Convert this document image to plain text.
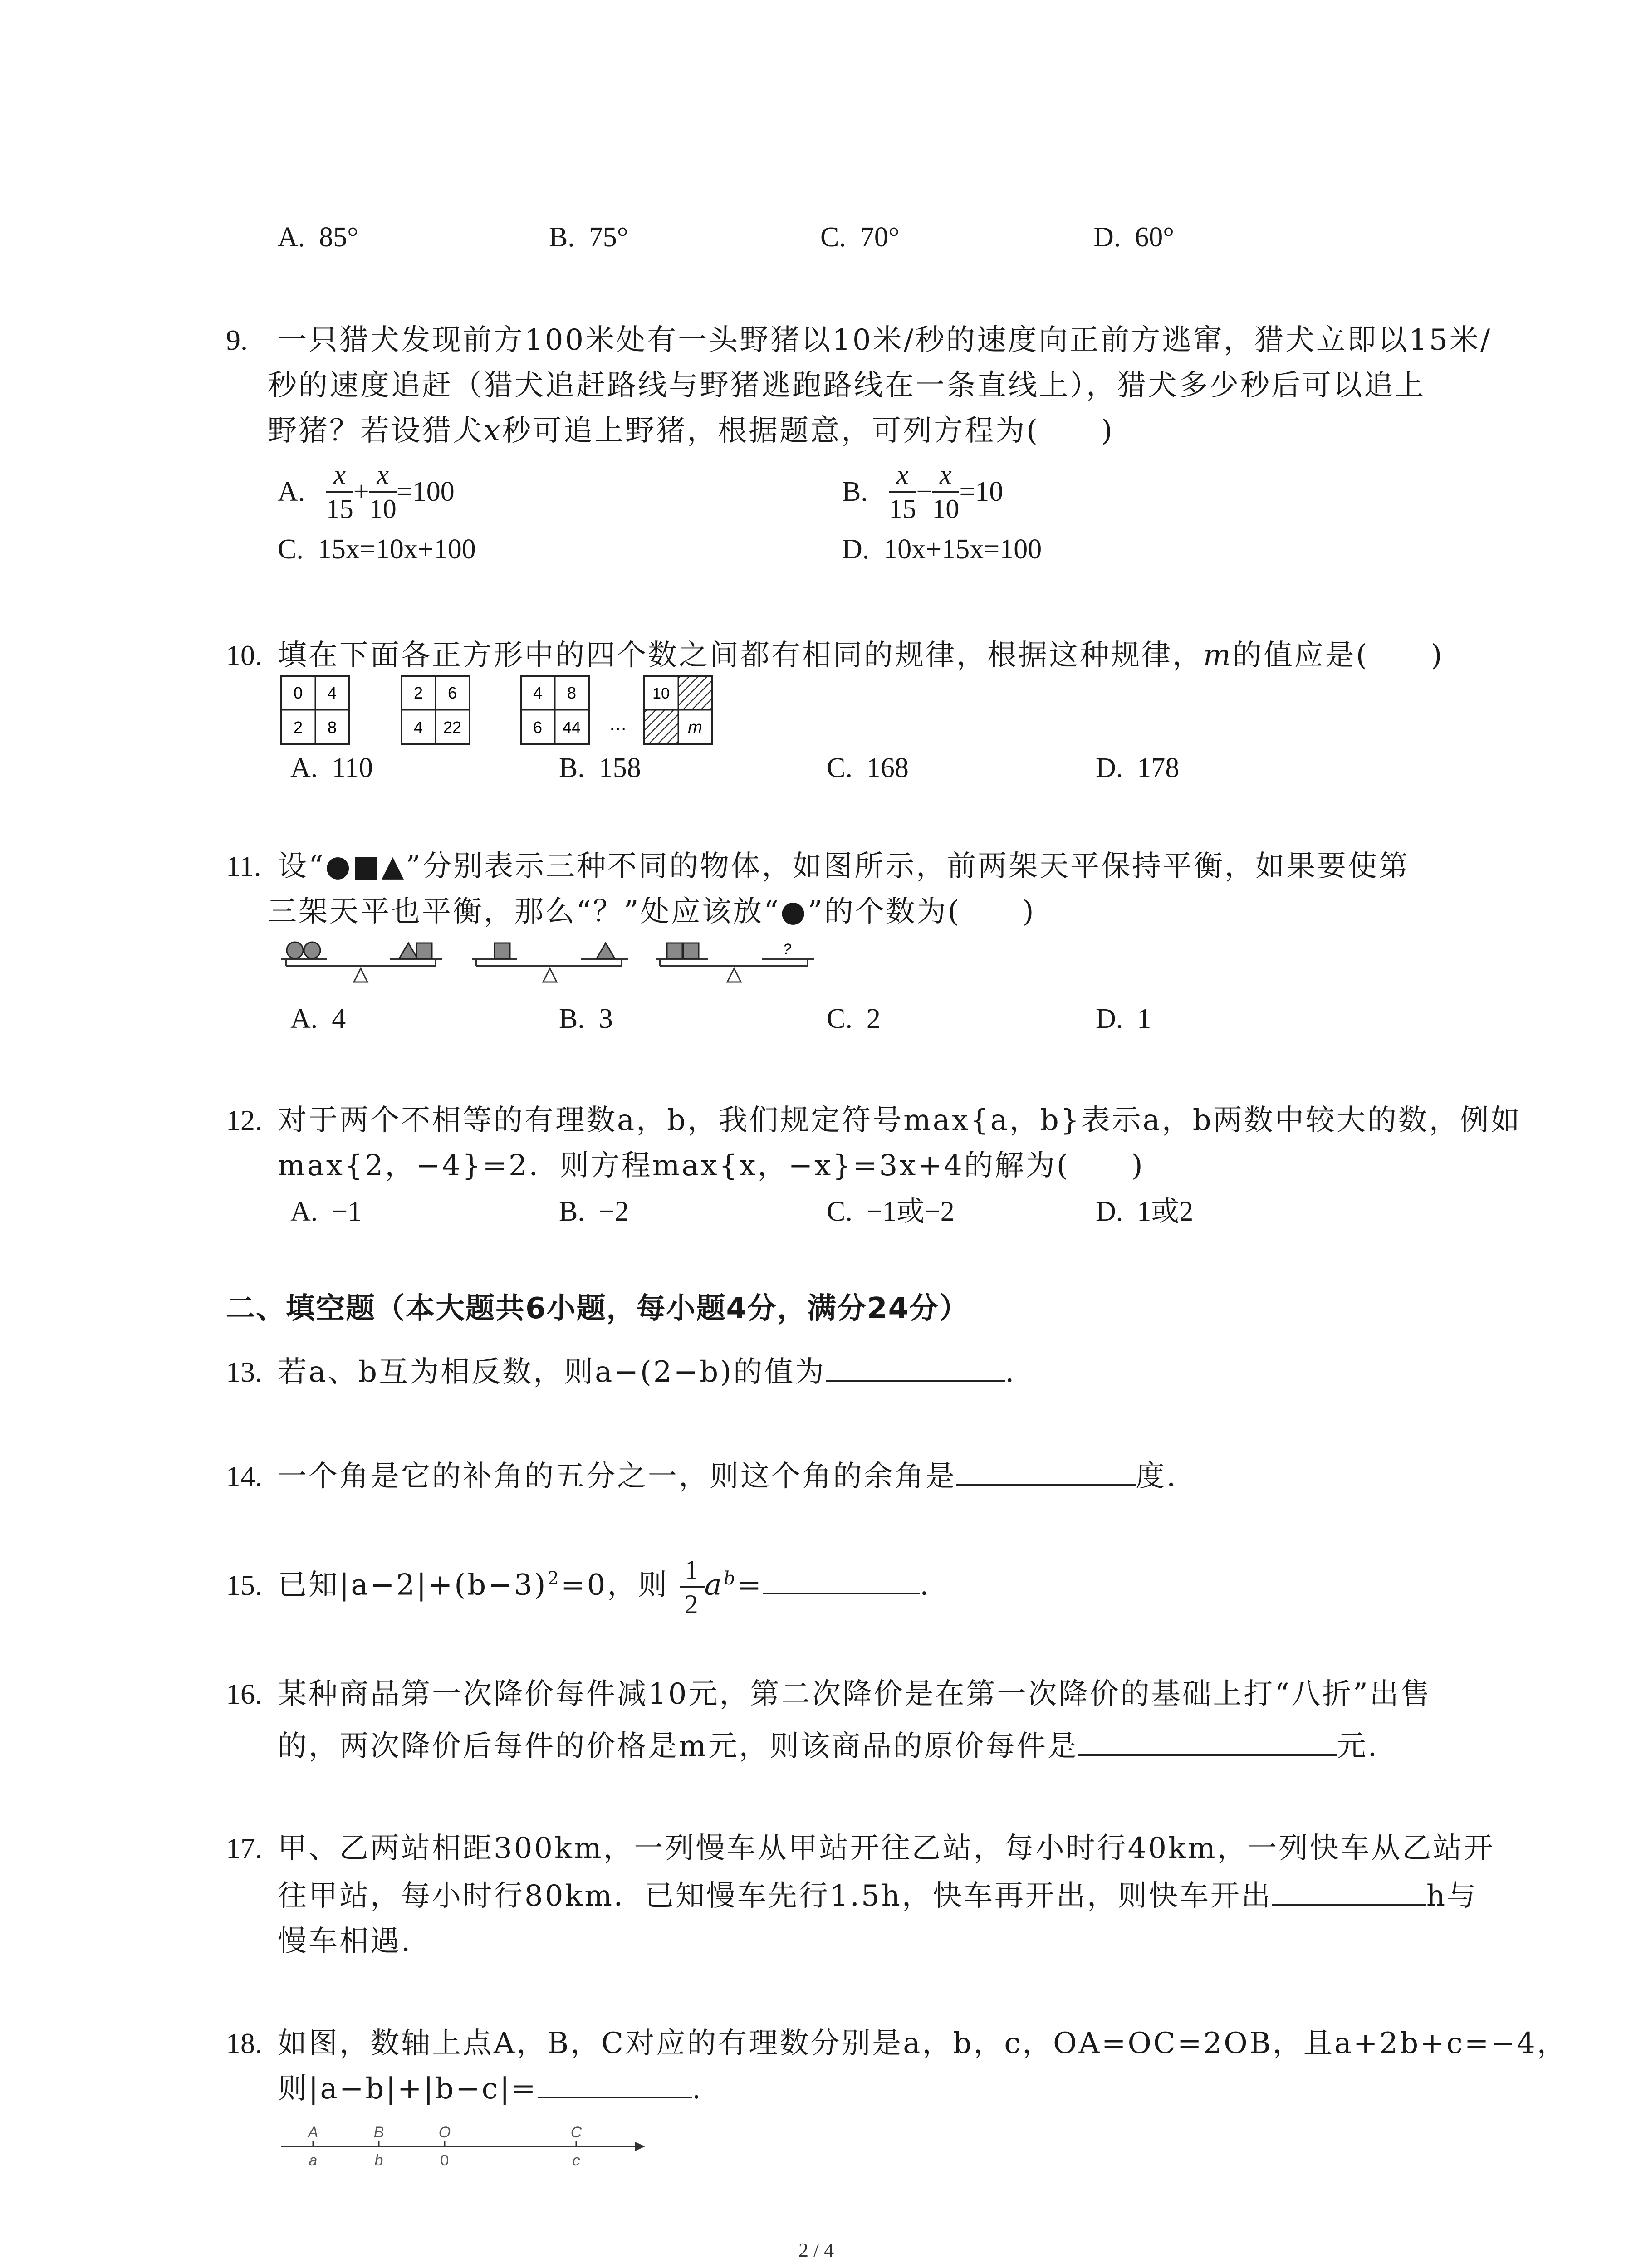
A. 85°	B. 75°	C. 70°	D. 60°
9. 一只猎犬发现前方100米处有一头野猪以10米/秒的速度向正前方逃窜，猎犬立即以15米/
秒的速度追赶（猎犬追赶路线与野猪逃跑路线在一条直线上），猎犬多少秒后可以追上
野猪？若设猎犬x秒可追上野猪，根据题意，可列方程为(　　)
A. $\frac{x}{15} + \frac{x}{10} =100$	B. $\frac{x}{15} - \frac{x}{10} =10$
C. 15x=10x+100	D. 10x+15x=100
10. 填在下面各正方形中的四个数之间都有相同的规律，根据这种规律，m的值应是(　　)
0 4
2 8
2 6
4 22
4 8
6 44 …
10
m
A. 110	B. 158	C. 168	D. 178
11. 设“●■▲”分别表示三种不同的物体，如图所示，前两架天平保持平衡，如果要使第
三架天平也平衡，那么“？”处应该放“●”的个数为(　　)
?
A. 4	B. 3	C. 2	D. 1
12. 对于两个不相等的有理数a，b，我们规定符号max{a，b}表示a，b两数中较大的数，例如
max{2，−4}=2．则方程max{x，−x}=3x+4的解为(　　)
A. −1	B. −2	C. −1或−2	D. 1或2
二、填空题（本大题共6小题，每小题4分，满分24分）
13. 若a、b互为相反数，则a−(2−b)的值为	.
14. 一个角是它的补角的五分之一，则这个角的余角是	度.
15. 已知$|a-2|+(b-3)^2=0$，则 $\frac{1}{2} a^b=$	.
16. 某种商品第一次降价每件减10元，第二次降价是在第一次降价的基础上打“八折”出售
的，两次降价后每件的价格是m元，则该商品的原价每件是	元.
17. 甲、乙两站相距300km，一列慢车从甲站开往乙站，每小时行40km，一列快车从乙站开
往甲站，每小时行80km．已知慢车先行1.5h，快车再开出，则快车开出	h与
慢车相遇.
18. 如图，数轴上点A，B，C对应的有理数分别是a，b，c，OA=OC=2OB，且a+2b+c=−4，
则|a−b|+|b−c|=	.
A
a
B
b
O
0
C
c
2 / 4
